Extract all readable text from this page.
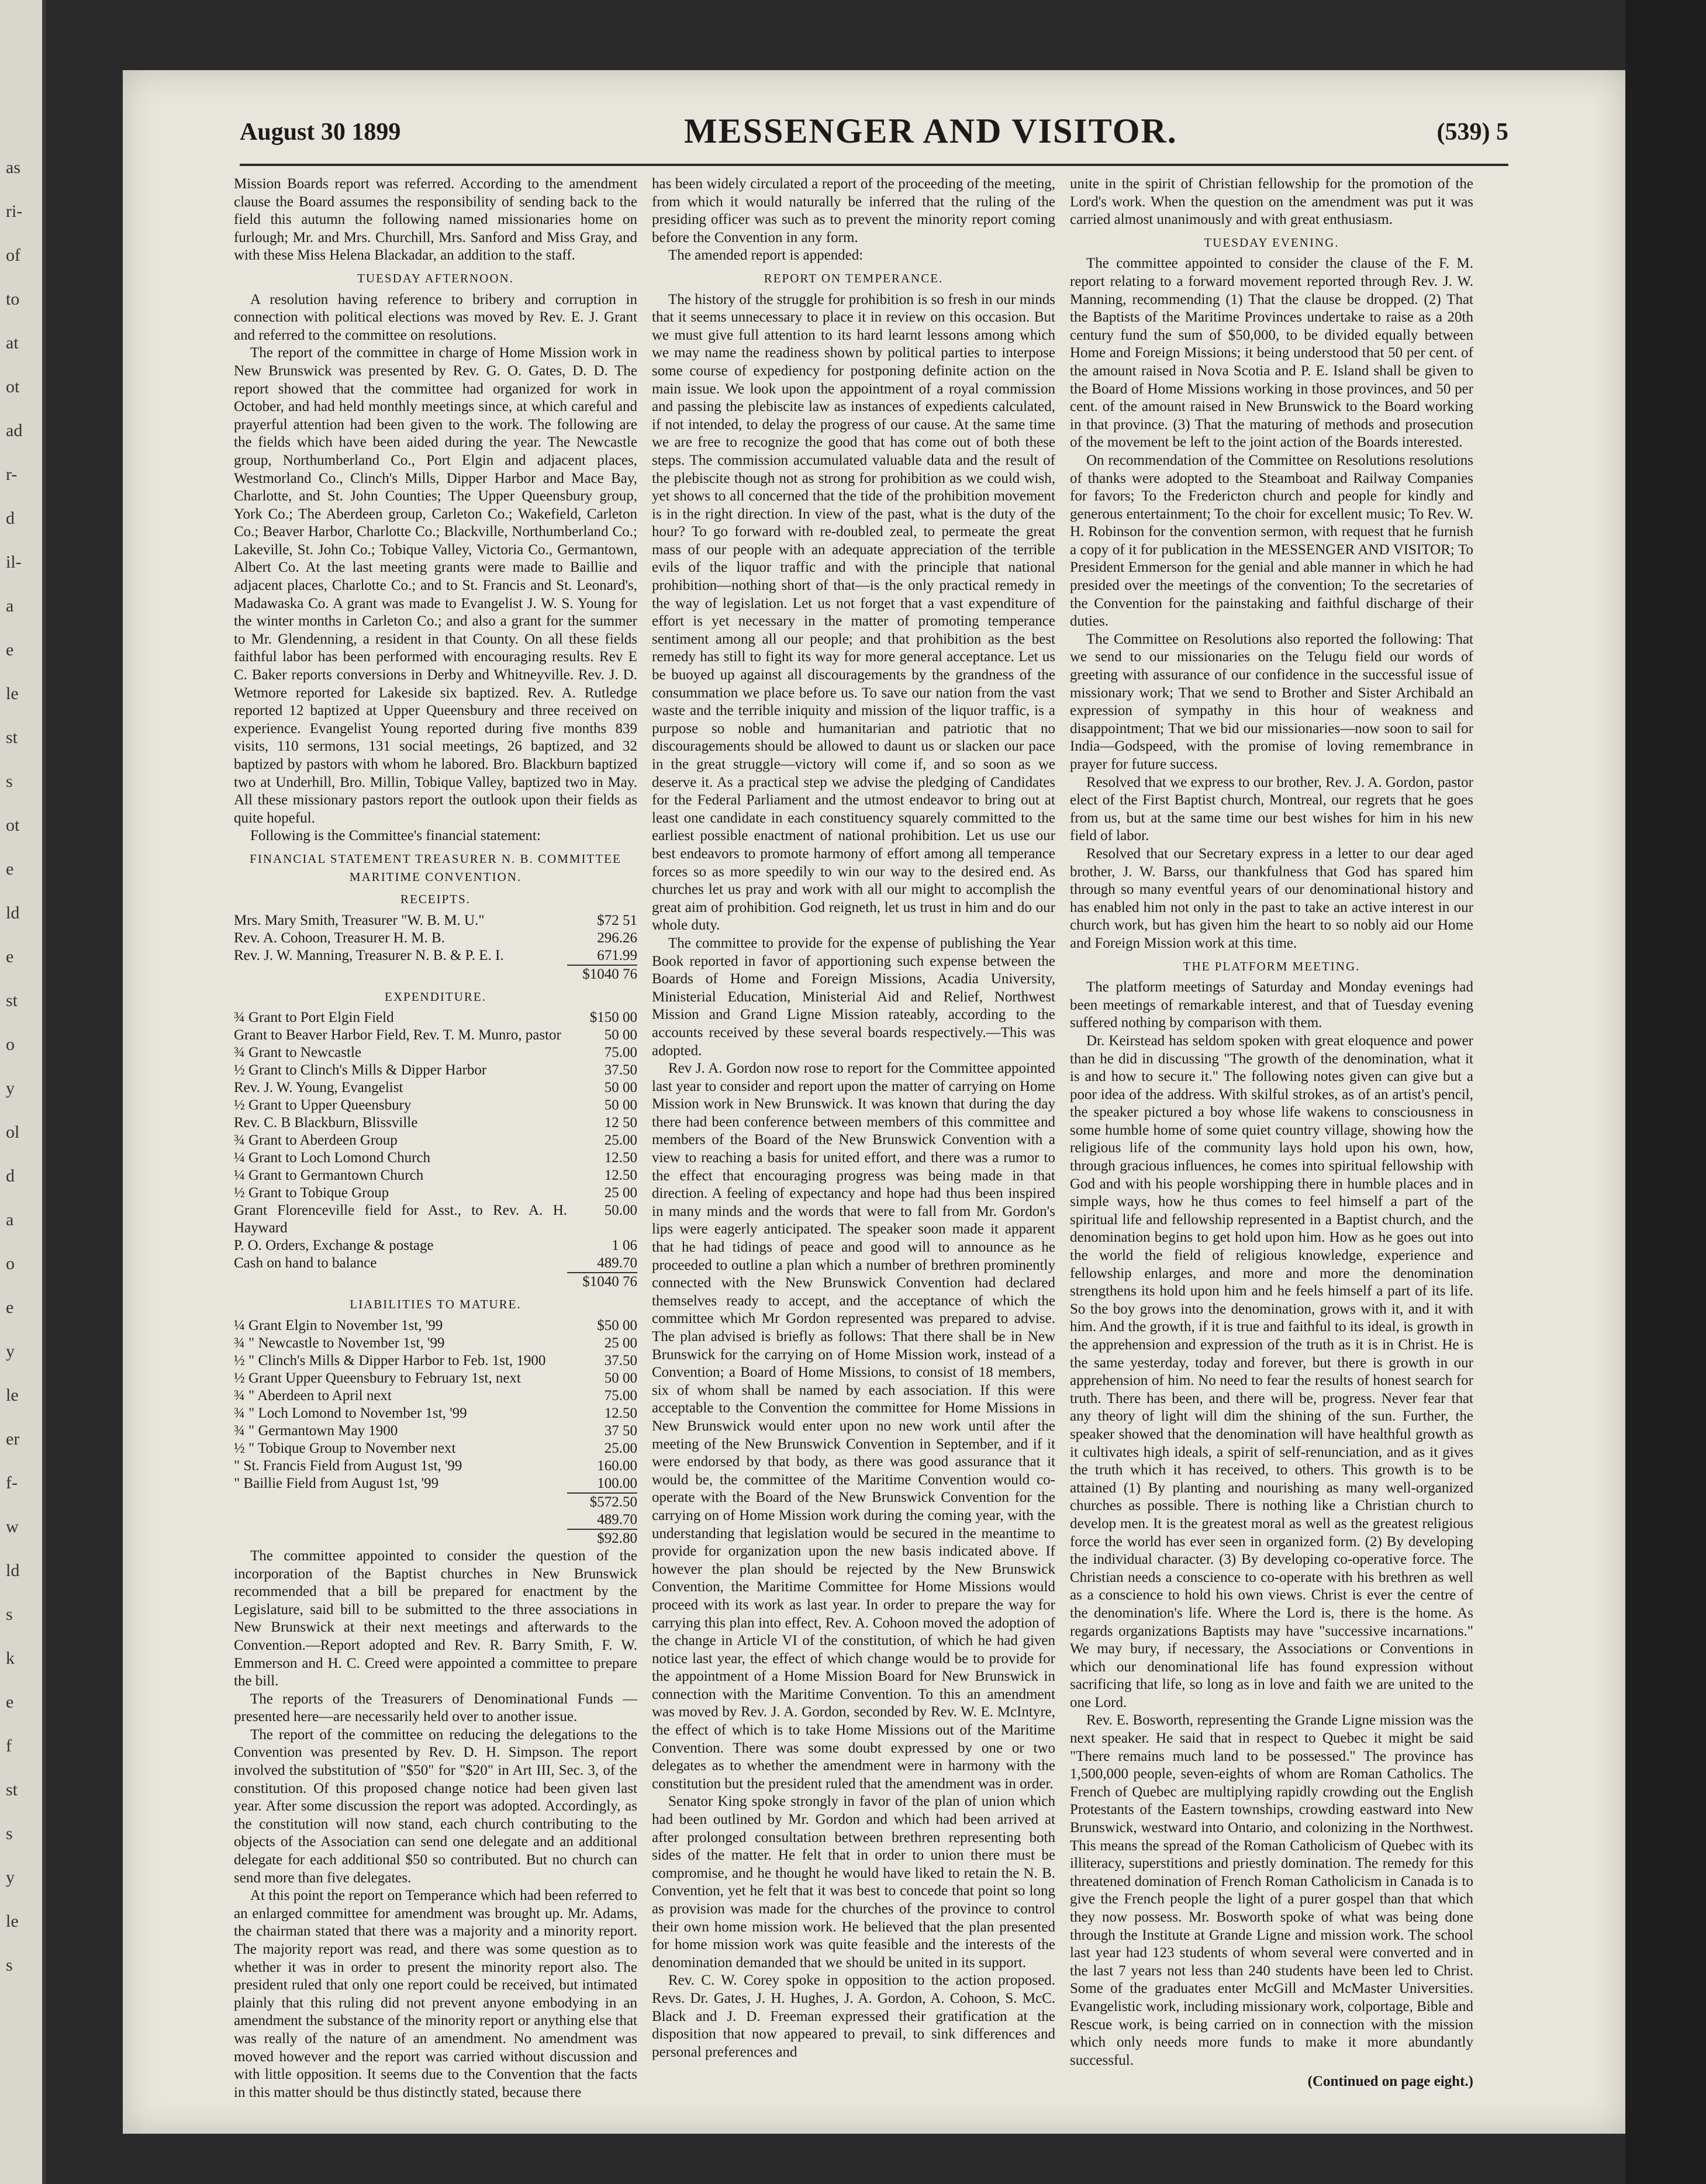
as
ri-
of
to
at
ot
ad
r-
d
il-
a
e
le
st
s
ot
e
ld
e
st
o
y
ol
d
a
o
e
y
le
er
f-
w
ld
s
k
e
f
st
s
y
le
s
August 30 1899	MESSENGER AND VISITOR.	(539) 5

Mission Boards report was referred. According to the amendment clause the Board assumes the responsibility of sending back to the field this autumn the following named missionaries home on furlough; Mr. and Mrs. Churchill, Mrs. Sanford and Miss Gray, and with these Miss Helena Blackadar, an addition to the staff.

TUESDAY AFTERNOON.

A resolution having reference to bribery and corruption in connection with political elections was moved by Rev. E. J. Grant and referred to the committee on resolutions.

The report of the committee in charge of Home Mission work in New Brunswick was presented by Rev. G. O. Gates, D. D. The report showed that the committee had organized for work in October, and had held monthly meetings since, at which careful and prayerful attention had been given to the work. The following are the fields which have been aided during the year. The Newcastle group, Northumberland Co., Port Elgin and adjacent places, Westmorland Co., Clinch's Mills, Dipper Harbor and Mace Bay, Charlotte, and St. John Counties; The Upper Queensbury group, York Co.; The Aberdeen group, Carleton Co.; Wakefield, Carleton Co.; Beaver Harbor, Charlotte Co.; Blackville, Northumberland Co.; Lakeville, St. John Co.; Tobique Valley, Victoria Co., Germantown, Albert Co. At the last meeting grants were made to Baillie and adjacent places, Charlotte Co.; and to St. Francis and St. Leonard's, Madawaska Co. A grant was made to Evangelist J. W. S. Young for the winter months in Carleton Co.; and also a grant for the summer to Mr. Glendenning, a resident in that County. On all these fields faithful labor has been performed with encouraging results. Rev E C. Baker reports conversions in Derby and Whitneyville. Rev. J. D. Wetmore reported for Lakeside six baptized. Rev. A. Rutledge reported 12 baptized at Upper Queensbury and three received on experience. Evangelist Young reported during five months 839 visits, 110 sermons, 131 social meetings, 26 baptized, and 32 baptized by pastors with whom he labored. Bro. Blackburn baptized two at Underhill, Bro. Millin, Tobique Valley, baptized two in May. All these missionary pastors report the outlook upon their fields as quite hopeful.

Following is the Committee's financial statement:

FINANCIAL STATEMENT TREASURER N. B. COMMITTEE MARITIME CONVENTION.
RECEIPTS.
Mrs. Mary Smith, Treasurer "W. B. M. U."	$72 51
Rev. A. Cohoon, Treasurer H. M. B.	296.26
Rev. J. W. Manning, Treasurer N. B. & P. E. I.	671.99
	$1040 76
EXPENDITURE.
¾ Grant to Port Elgin Field	$150 00
Grant to Beaver Harbor Field, Rev. T. M. Munro, pastor	50 00
¾ Grant to Newcastle	75.00
½ Grant to Clinch's Mills & Dipper Harbor	37.50
Rev. J. W. Young, Evangelist	50 00
½ Grant to Upper Queensbury	50 00
Rev. C. B Blackburn, Blissville	12 50
¾ Grant to Aberdeen Group	25.00
¼ Grant to Loch Lomond Church	12.50
¼ Grant to Germantown Church	12.50
½ Grant to Tobique Group	25 00
Grant Florenceville field for Asst., to Rev. A. H. Hayward	50.00
P. O. Orders, Exchange & postage	1 06
Cash on hand to balance	489.70
	$1040 76
LIABILITIES TO MATURE.
¼ Grant Elgin to November 1st, '99	$50 00
¾ " Newcastle to November 1st, '99	25 00
½ " Clinch's Mills & Dipper Harbor to Feb. 1st, 1900	37.50
½ Grant Upper Queensbury to February 1st, next	50 00
¾ " Aberdeen to April next	75.00
¾ " Loch Lomond to November 1st, '99	12.50
¾ " Germantown May 1900	37 50
½ " Tobique Group to November next	25.00
" St. Francis Field from August 1st, '99	160.00
" Baillie Field from August 1st, '99	100.00
	$572.50
	489.70
	$92.80

The committee appointed to consider the question of the incorporation of the Baptist churches in New Brunswick recommended that a bill be prepared for enactment by the Legislature, said bill to be submitted to the three associations in New Brunswick at their next meetings and afterwards to the Convention.—Report adopted and Rev. R. Barry Smith, F. W. Emmerson and H. C. Creed were appointed a committee to prepare the bill.

The reports of the Treasurers of Denominational Funds —presented here—are necessarily held over to another issue.

The report of the committee on reducing the delegations to the Convention was presented by Rev. D. H. Simpson. The report involved the substitution of "$50" for "$20" in Art III, Sec. 3, of the constitution. Of this proposed change notice had been given last year. After some discussion the report was adopted. Accordingly, as the constitution will now stand, each church contributing to the objects of the Association can send one delegate and an additional delegate for each additional $50 so contributed. But no church can send more than five delegates.

At this point the report on Temperance which had been referred to an enlarged committee for amendment was brought up. Mr. Adams, the chairman stated that there was a majority and a minority report. The majority report was read, and there was some question as to whether it was in order to present the minority report also. The president ruled that only one report could be received, but intimated plainly that this ruling did not prevent anyone embodying in an amendment the substance of the minority report or anything else that was really of the nature of an amendment. No amendment was moved however and the report was carried without discussion and with little opposition. It seems due to the Convention that the facts in this matter should be thus distinctly stated, because there

has been widely circulated a report of the proceeding of the meeting, from which it would naturally be inferred that the ruling of the presiding officer was such as to prevent the minority report coming before the Convention in any form.

The amended report is appended:

REPORT ON TEMPERANCE.

The history of the struggle for prohibition is so fresh in our minds that it seems unnecessary to place it in review on this occasion. But we must give full attention to its hard learnt lessons among which we may name the readiness shown by political parties to interpose some course of expediency for postponing definite action on the main issue. We look upon the appointment of a royal commission and passing the plebiscite law as instances of expedients calculated, if not intended, to delay the progress of our cause. At the same time we are free to recognize the good that has come out of both these steps. The commission accumulated valuable data and the result of the plebiscite though not as strong for prohibition as we could wish, yet shows to all concerned that the tide of the prohibition movement is in the right direction. In view of the past, what is the duty of the hour? To go forward with re-doubled zeal, to permeate the great mass of our people with an adequate appreciation of the terrible evils of the liquor traffic and with the principle that national prohibition—nothing short of that—is the only practical remedy in the way of legislation. Let us not forget that a vast expenditure of effort is yet necessary in the matter of promoting temperance sentiment among all our people; and that prohibition as the best remedy has still to fight its way for more general acceptance. Let us be buoyed up against all discouragements by the grandness of the consummation we place before us. To save our nation from the vast waste and the terrible iniquity and mission of the liquor traffic, is a purpose so noble and humanitarian and patriotic that no discouragements should be allowed to daunt us or slacken our pace in the great struggle—victory will come if, and so soon as we deserve it. As a practical step we advise the pledging of Candidates for the Federal Parliament and the utmost endeavor to bring out at least one candidate in each constituency squarely committed to the earliest possible enactment of national prohibition. Let us use our best endeavors to promote harmony of effort among all temperance forces so as more speedily to win our way to the desired end. As churches let us pray and work with all our might to accomplish the great aim of prohibition. God reigneth, let us trust in him and do our whole duty.

The committee to provide for the expense of publishing the Year Book reported in favor of apportioning such expense between the Boards of Home and Foreign Missions, Acadia University, Ministerial Education, Ministerial Aid and Relief, Northwest Mission and Grand Ligne Mission rateably, according to the accounts received by these several boards respectively.—This was adopted.

Rev J. A. Gordon now rose to report for the Committee appointed last year to consider and report upon the matter of carrying on Home Mission work in New Brunswick. It was known that during the day there had been conference between members of this committee and members of the Board of the New Brunswick Convention with a view to reaching a basis for united effort, and there was a rumor to the effect that encouraging progress was being made in that direction. A feeling of expectancy and hope had thus been inspired in many minds and the words that were to fall from Mr. Gordon's lips were eagerly anticipated. The speaker soon made it apparent that he had tidings of peace and good will to announce as he proceeded to outline a plan which a number of brethren prominently connected with the New Brunswick Convention had declared themselves ready to accept, and the acceptance of which the committee which Mr Gordon represented was prepared to advise. The plan advised is briefly as follows: That there shall be in New Brunswick for the carrying on of Home Mission work, instead of a Convention; a Board of Home Missions, to consist of 18 members, six of whom shall be named by each association. If this were acceptable to the Convention the committee for Home Missions in New Brunswick would enter upon no new work until after the meeting of the New Brunswick Convention in September, and if it were endorsed by that body, as there was good assurance that it would be, the committee of the Maritime Convention would co-operate with the Board of the New Brunswick Convention for the carrying on of Home Mission work during the coming year, with the understanding that legislation would be secured in the meantime to provide for organization upon the new basis indicated above. If however the plan should be rejected by the New Brunswick Convention, the Maritime Committee for Home Missions would proceed with its work as last year. In order to prepare the way for carrying this plan into effect, Rev. A. Cohoon moved the adoption of the change in Article VI of the constitution, of which he had given notice last year, the effect of which change would be to provide for the appointment of a Home Mission Board for New Brunswick in connection with the Maritime Convention. To this an amendment was moved by Rev. J. A. Gordon, seconded by Rev. W. E. McIntyre, the effect of which is to take Home Missions out of the Maritime Convention. There was some doubt expressed by one or two delegates as to whether the amendment were in harmony with the constitution but the president ruled that the amendment was in order.

Senator King spoke strongly in favor of the plan of union which had been outlined by Mr. Gordon and which had been arrived at after prolonged consultation between brethren representing both sides of the matter. He felt that in order to union there must be compromise, and he thought he would have liked to retain the N. B. Convention, yet he felt that it was best to concede that point so long as provision was made for the churches of the province to control their own home mission work. He believed that the plan presented for home mission work was quite feasible and the interests of the denomination demanded that we should be united in its support.

Rev. C. W. Corey spoke in opposition to the action proposed. Revs. Dr. Gates, J. H. Hughes, J. A. Gordon, A. Cohoon, S. McC. Black and J. D. Freeman expressed their gratification at the disposition that now appeared to prevail, to sink differences and personal preferences and

unite in the spirit of Christian fellowship for the promotion of the Lord's work. When the question on the amendment was put it was carried almost unanimously and with great enthusiasm.

TUESDAY EVENING.

The committee appointed to consider the clause of the F. M. report relating to a forward movement reported through Rev. J. W. Manning, recommending (1) That the clause be dropped. (2) That the Baptists of the Maritime Provinces undertake to raise as a 20th century fund the sum of $50,000, to be divided equally between Home and Foreign Missions; it being understood that 50 per cent. of the amount raised in Nova Scotia and P. E. Island shall be given to the Board of Home Missions working in those provinces, and 50 per cent. of the amount raised in New Brunswick to the Board working in that province. (3) That the maturing of methods and prosecution of the movement be left to the joint action of the Boards interested.

On recommendation of the Committee on Resolutions resolutions of thanks were adopted to the Steamboat and Railway Companies for favors; To the Fredericton church and people for kindly and generous entertainment; To the choir for excellent music; To Rev. W. H. Robinson for the convention sermon, with request that he furnish a copy of it for publication in the MESSENGER AND VISITOR; To President Emmerson for the genial and able manner in which he had presided over the meetings of the convention; To the secretaries of the Convention for the painstaking and faithful discharge of their duties.

The Committee on Resolutions also reported the following: That we send to our missionaries on the Telugu field our words of greeting with assurance of our confidence in the successful issue of missionary work; That we send to Brother and Sister Archibald an expression of sympathy in this hour of weakness and disappointment; That we bid our missionaries—now soon to sail for India—Godspeed, with the promise of loving remembrance in prayer for future success.

Resolved that we express to our brother, Rev. J. A. Gordon, pastor elect of the First Baptist church, Montreal, our regrets that he goes from us, but at the same time our best wishes for him in his new field of labor.

Resolved that our Secretary express in a letter to our dear aged brother, J. W. Barss, our thankfulness that God has spared him through so many eventful years of our denominational history and has enabled him not only in the past to take an active interest in our church work, but has given him the heart to so nobly aid our Home and Foreign Mission work at this time.

THE PLATFORM MEETING.

The platform meetings of Saturday and Monday evenings had been meetings of remarkable interest, and that of Tuesday evening suffered nothing by comparison with them.

Dr. Keirstead has seldom spoken with great eloquence and power than he did in discussing "The growth of the denomination, what it is and how to secure it." The following notes given can give but a poor idea of the address. With skilful strokes, as of an artist's pencil, the speaker pictured a boy whose life wakens to consciousness in some humble home of some quiet country village, showing how the religious life of the community lays hold upon his own, how, through gracious influences, he comes into spiritual fellowship with God and with his people worshipping there in humble places and in simple ways, how he thus comes to feel himself a part of the spiritual life and fellowship represented in a Baptist church, and the denomination begins to get hold upon him. How as he goes out into the world the field of religious knowledge, experience and fellowship enlarges, and more and more the denomination strengthens its hold upon him and he feels himself a part of its life. So the boy grows into the denomination, grows with it, and it with him. And the growth, if it is true and faithful to its ideal, is growth in the apprehension and expression of the truth as it is in Christ. He is the same yesterday, today and forever, but there is growth in our apprehension of him. No need to fear the results of honest search for truth. There has been, and there will be, progress. Never fear that any theory of light will dim the shining of the sun. Further, the speaker showed that the denomination will have healthful growth as it cultivates high ideals, a spirit of self-renunciation, and as it gives the truth which it has received, to others. This growth is to be attained (1) By planting and nourishing as many well-organized churches as possible. There is nothing like a Christian church to develop men. It is the greatest moral as well as the greatest religious force the world has ever seen in organized form. (2) By developing the individual character. (3) By developing co-operative force. The Christian needs a conscience to co-operate with his brethren as well as a conscience to hold his own views. Christ is ever the centre of the denomination's life. Where the Lord is, there is the home. As regards organizations Baptists may have "successive incarnations." We may bury, if necessary, the Associations or Conventions in which our denominational life has found expression without sacrificing that life, so long as in love and faith we are united to the one Lord.

Rev. E. Bosworth, representing the Grande Ligne mission was the next speaker. He said that in respect to Quebec it might be said "There remains much land to be possessed." The province has 1,500,000 people, seven-eights of whom are Roman Catholics. The French of Quebec are multiplying rapidly crowding out the English Protestants of the Eastern townships, crowding eastward into New Brunswick, westward into Ontario, and colonizing in the Northwest. This means the spread of the Roman Catholicism of Quebec with its illiteracy, superstitions and priestly domination. The remedy for this threatened domination of French Roman Catholicism in Canada is to give the French people the light of a purer gospel than that which they now possess. Mr. Bosworth spoke of what was being done through the Institute at Grande Ligne and mission work. The school last year had 123 students of whom several were converted and in the last 7 years not less than 240 students have been led to Christ. Some of the graduates enter McGill and McMaster Universities. Evangelistic work, including missionary work, colportage, Bible and Rescue work, is being carried on in connection with the mission which only needs more funds to make it more abundantly successful.

(Continued on page eight.)
